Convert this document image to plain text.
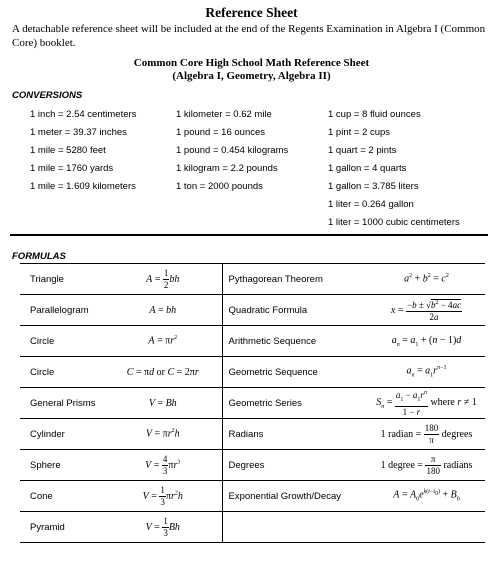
Reference Sheet
A detachable reference sheet will be included at the end of the Regents Examination in Algebra I (Common Core) booklet.
Common Core High School Math Reference Sheet
(Algebra I, Geometry, Algebra II)
CONVERSIONS
1 inch = 2.54 centimeters
1 meter = 39.37 inches
1 mile = 5280 feet
1 mile = 1760 yards
1 mile = 1.609 kilometers
1 kilometer = 0.62 mile
1 pound = 16 ounces
1 pound = 0.454 kilograms
1 kilogram = 2.2 pounds
1 ton = 2000 pounds
1 cup = 8 fluid ounces
1 pint = 2 cups
1 quart = 2 pints
1 gallon = 4 quarts
1 gallon = 3.785 liters
1 liter = 0.264 gallon
1 liter = 1000 cubic centimeters
FORMULAS
Triangle	$A = \frac{1}{2}$ bh	Pythagorean Theorem	$a^2 + b^2 = c^2$
Parallelogram	A = bh	Quadratic Formula	$x = \frac{-b \pm √b^2 - 4ac}{2a}$

Circle	$A = \pi r^2$	Arithmetic Sequence	$a_n = a_1 + (n - 1)d$
Circle	C = πd or C = 2πr	Geometric Sequence	$a_n = a_1r^{n-1}$
General Prisms	V = Bh	Geometric Series	$S_n = \frac{a_1 - a_1r^n}{1 - r}$ where r ≠ 1
Cylinder	$V = \pi r^2h$	Radians	1 radian = $\frac{180}{\pi}$ degrees
Sphere	$V = \frac{4}{3} \pi r^3$	Degrees	1 degree = $\frac{\pi}{180}$ radians
Cone	$V = \frac{1}{3} \pi r^2h$	Exponential Growth/Decay	$A = A_0e^{k(t-t_0)} + B_0$
Pyramid	$V = \frac{1}{3}$ Bh		
